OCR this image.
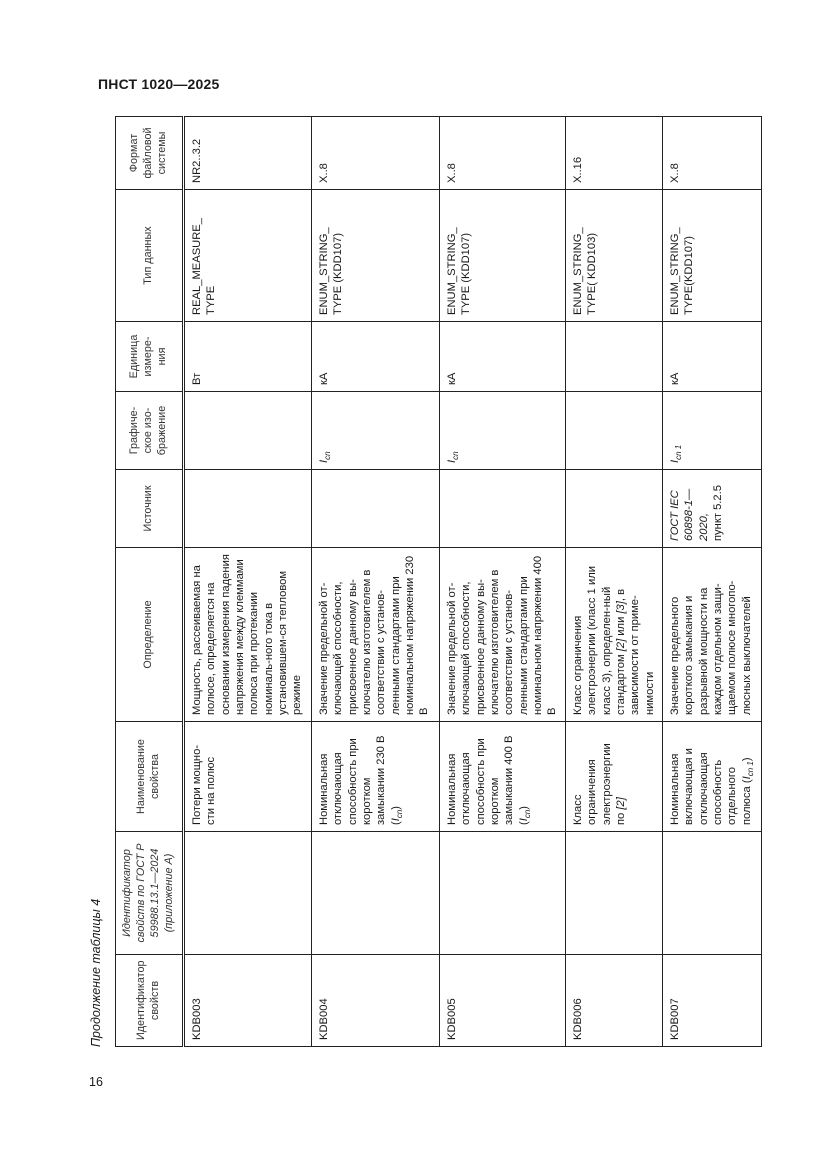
ПНСТ 1020—2025
Продолжение таблицы 4
16
Идентификатор свойств	Идентификатор свойств по ГОСТ Р 59988.13.1—2024 (приложение А)	Наименование свойства	Определение	Источник	Графиче-ское изо-бражение	Единица измере-ния	Тип данных	Формат файловой системы
KDB003		Потери мощно-сти на полюс	Мощность, рассеиваемая на полюсе, определяется на основании измерения падения напряжения между клеммами полюса при протекании номиналь-ного тока в установившем-ся тепловом режиме			Вт	REAL_MEASURE_ TYPE	NR2..3.2
KDB004		Номинальная отключающая способность при коротком замыкании 230 В $(I_{сn})$	Значение предельной от-ключающей способности, присвоенное данному вы-ключателю изготовителем в соответствии с установ-ленными стандартами при номинальном напряжении 230 В		$I_{сn}$	кА	ENUM_STRING_ TYPE (KDD107)	X..8
KDB005		Номинальная отключающая способность при коротком замыкании 400 В $(I_{сn})$	Значение предельной от-ключающей способности, присвоенное данному вы-ключателю изготовителем в соответствии с установ-ленными стандартами при номинальном напряжении 400 В		$I_{сn}$	кА	ENUM_STRING_ TYPE (KDD107)	X..8
KDB006		Класс ограничения электроэнергии по [2]	Класс ограничения электроэнергии (класс 1 или класс 3), определен-ный стандартом [2] или [3], в зависимости от приме-нимости				ENUM_STRING_ TYPE( KDD103)	X..16
KDB007		Номинальная включающая и отключающая способность отдельного полюса $(I_{сn 1})$	Значение предельного короткого замыкания и разрывной мощности на каждом отдельном защи-щаемом полюсе многопо-люсных выключателей	ГОСТ IEC 60898-1— 2020, пункт 5.2.5	$I_{сn 1}$	кА	ENUM_STRING_ TYPE(KDD107)	X..8
